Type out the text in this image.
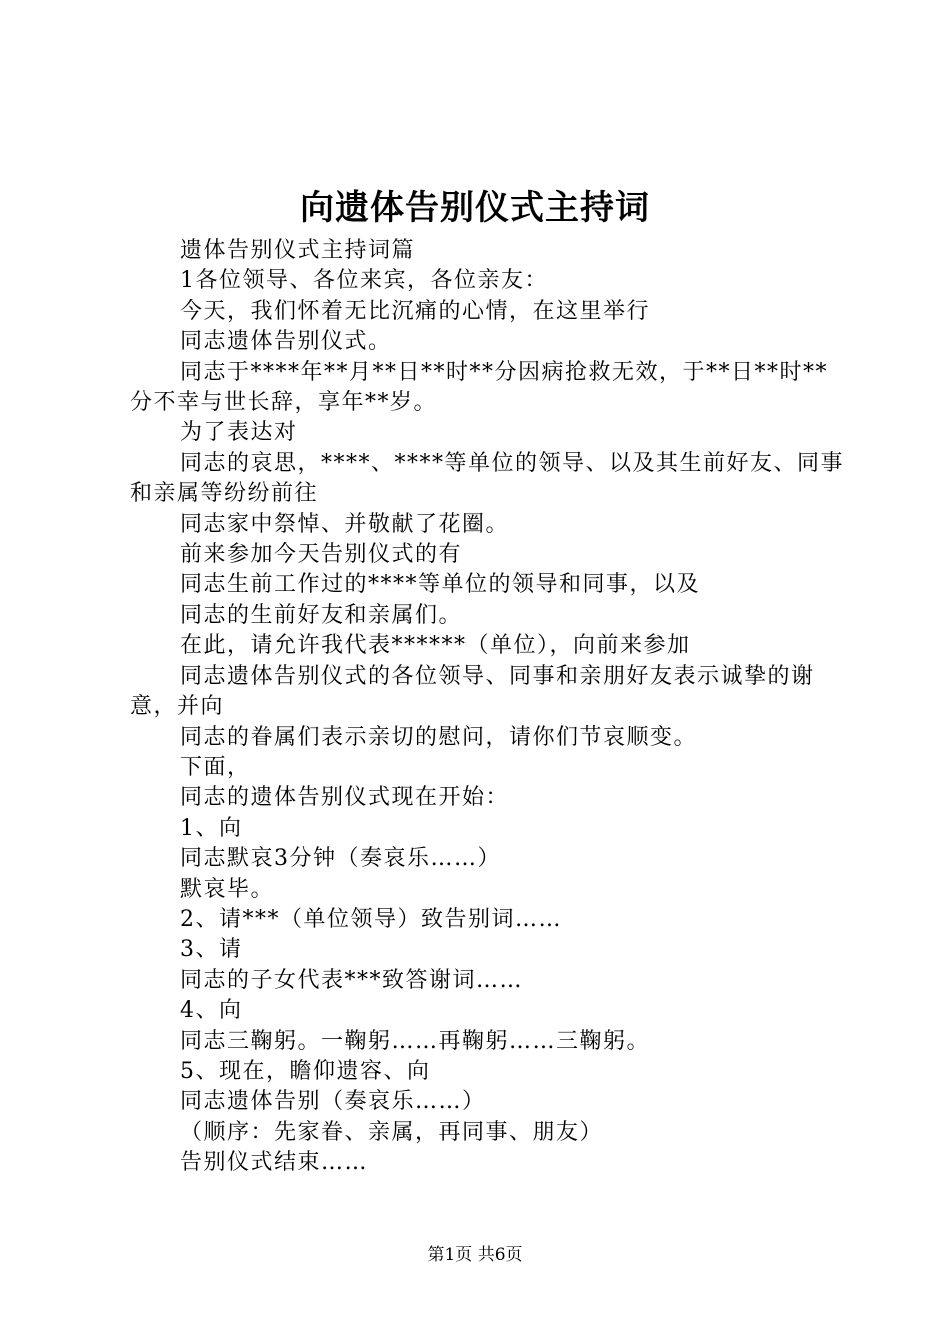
向遗体告别仪式主持词

遗体告别仪式主持词篇

1各位领导、各位来宾，各位亲友：

今天，我们怀着无比沉痛的心情，在这里举行

同志遗体告别仪式。

同志于****年**月**日**时**分因病抢救无效，于**日**时**分不幸与世长辞，享年**岁。

为了表达对

同志的哀思，****、****等单位的领导、以及其生前好友、同事和亲属等纷纷前往

同志家中祭悼、并敬献了花圈。

前来参加今天告别仪式的有

同志生前工作过的****等单位的领导和同事，以及

同志的生前好友和亲属们。

在此，请允许我代表******（单位），向前来参加

同志遗体告别仪式的各位领导、同事和亲朋好友表示诚挚的谢意，并向

同志的眷属们表示亲切的慰问，请你们节哀顺变。

下面，

同志的遗体告别仪式现在开始：

1、向

同志默哀3分钟（奏哀乐……）

默哀毕。

2、请***（单位领导）致告别词……

3、请

同志的子女代表***致答谢词……

4、向

同志三鞠躬。一鞠躬……再鞠躬……三鞠躬。

5、现在，瞻仰遗容、向

同志遗体告别（奏哀乐……）

（顺序：先家眷、亲属，再同事、朋友）

告别仪式结束……

第1页 共6页
